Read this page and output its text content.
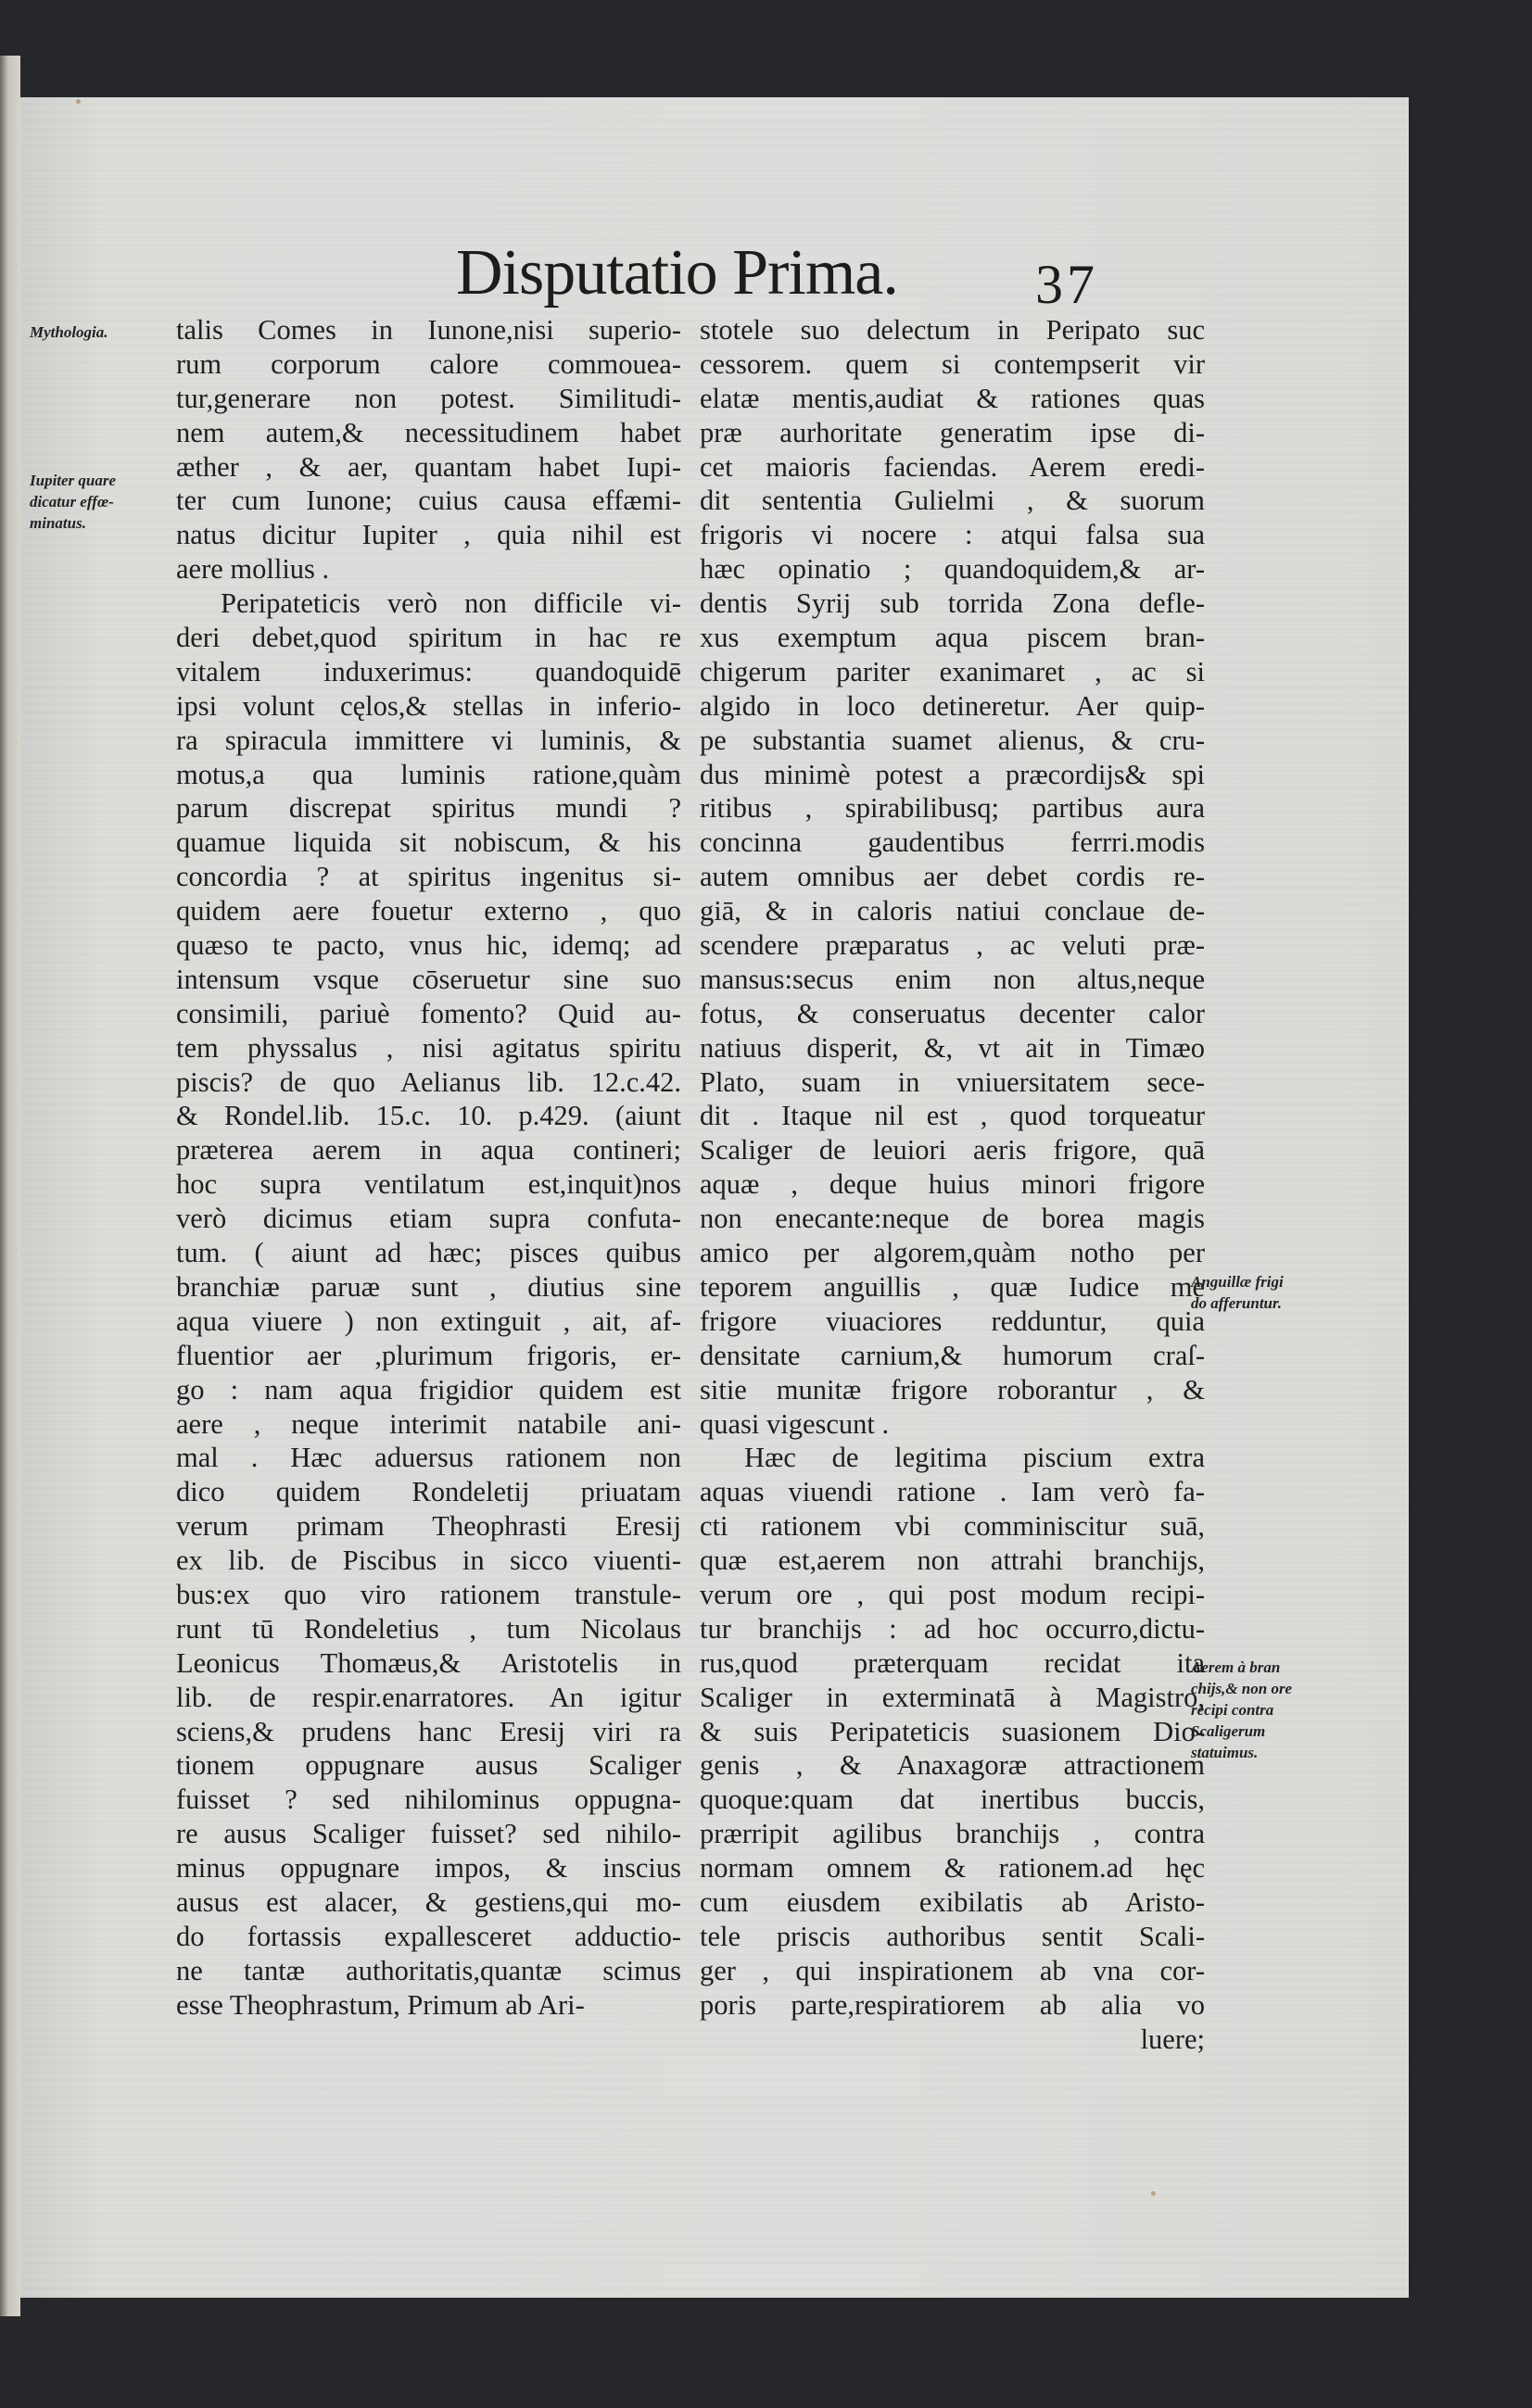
Disputatio Prima. 37
Mythologia.
Iupiter quare
dicatur effœ-
minatus.
Anguillæ frigi
do afferuntur.
Aerem à bran
chijs,& non ore
recipi contra
Scaligerum
statuimus.
talis Comes in Iunone,nisi superio-
rum corporum calore commouea-
tur,generare non potest. Similitudi-
nem autem,& necessitudinem habet
æther , & aer, quantam habet Iupi-
ter cum Iunone; cuius causa effæmi-
natus dicitur Iupiter , quia nihil est
aere mollius .
Peripateticis verò non difficile vi-
deri debet,quod spiritum in hac re
vitalem induxerimus: quandoquidē
ipsi volunt cęlos,& stellas in inferio-
ra spiracula immittere vi luminis, &
motus,a qua luminis ratione,quàm
parum discrepat spiritus mundi ?
quamue liquida sit nobiscum, & his
concordia ? at spiritus ingenitus si-
quidem aere fouetur externo , quo
quæso te pacto, vnus hic, idemq; ad
intensum vsque cōseruetur sine suo
consimili, pariuè fomento? Quid au-
tem physsalus , nisi agitatus spiritu
piscis? de quo Aelianus lib. 12.c.42.
& Rondel.lib. 15.c. 10. p.429. (aiunt
præterea aerem in aqua contineri;
hoc supra ventilatum est,inquit)nos
verò dicimus etiam supra confuta-
tum. ( aiunt ad hæc; pisces quibus
branchiæ paruæ sunt , diutius sine
aqua viuere ) non extinguit , ait, af-
fluentior aer ,plurimum frigoris, er-
go : nam aqua frigidior quidem est
aere , neque interimit natabile ani-
mal . Hæc aduersus rationem non
dico quidem Rondeletij priuatam
verum primam Theophrasti Eresij
ex lib. de Piscibus in sicco viuenti-
bus:ex quo viro rationem transtule-
runt tū Rondeletius , tum Nicolaus
Leonicus Thomæus,& Aristotelis in
lib. de respir.enarratores. An igitur
sciens,& prudens hanc Eresij viri ra
tionem oppugnare ausus Scaliger
fuisset ? sed nihilominus oppugna-
re ausus Scaliger fuisset? sed nihilo-
minus oppugnare impos, & inscius
ausus est alacer, & gestiens,qui mo-
do fortassis expallesceret adductio-
ne tantæ authoritatis,quantæ scimus
esse Theophrastum, Primum ab Ari-
stotele suo delectum in Peripato suc
cessorem. quem si contempserit vir
elatæ mentis,audiat & rationes quas
præ aurhoritate generatim ipse di-
cet maioris faciendas. Aerem eredi-
dit sententia Gulielmi , & suorum
frigoris vi nocere : atqui falsa sua
hæc opinatio ; quandoquidem,& ar-
dentis Syrij sub torrida Zona defle-
xus exemptum aqua piscem bran-
chigerum pariter exanimaret , ac si
algido in loco detineretur. Aer quip-
pe substantia suamet alienus, & cru-
dus minimè potest a præcordijs& spi
ritibus , spirabilibusq; partibus aura
concinna gaudentibus ferrri.modis
autem omnibus aer debet cordis re-
giā, & in caloris natiui conclaue de-
scendere præparatus , ac veluti præ-
mansus:secus enim non altus,neque
fotus, & conseruatus decenter calor
natiuus disperit, &, vt ait in Timæo
Plato, suam in vniuersitatem sece-
dit . Itaque nil est , quod torqueatur
Scaliger de leuiori aeris frigore, quā
aquæ , deque huius minori frigore
non enecante:neque de borea magis
amico per algorem,quàm notho per
teporem anguillis , quæ Iudice me
frigore viuaciores redduntur, quia
densitate carnium,& humorum craſ-
sitie munitæ frigore roborantur , &
quasi vigescunt .
Hæc de legitima piscium extra
aquas viuendi ratione . Iam verò fa-
cti rationem vbi comminiscitur suā,
quæ est,aerem non attrahi branchijs,
verum ore , qui post modum recipi-
tur branchijs : ad hoc occurro,dictu-
rus,quod præterquam recidat ita
Scaliger in exterminatā à Magistro,
& suis Peripateticis suasionem Dio-
genis , & Anaxagoræ attractionem
quoque:quam dat inertibus buccis,
prærripit agilibus branchijs , contra
normam omnem & rationem.ad hęc
cum eiusdem exibilatis ab Aristo-
tele priscis authoribus sentit Scali-
ger , qui inspirationem ab vna cor-
poris parte,respiratiorem ab alia vo
luere;
